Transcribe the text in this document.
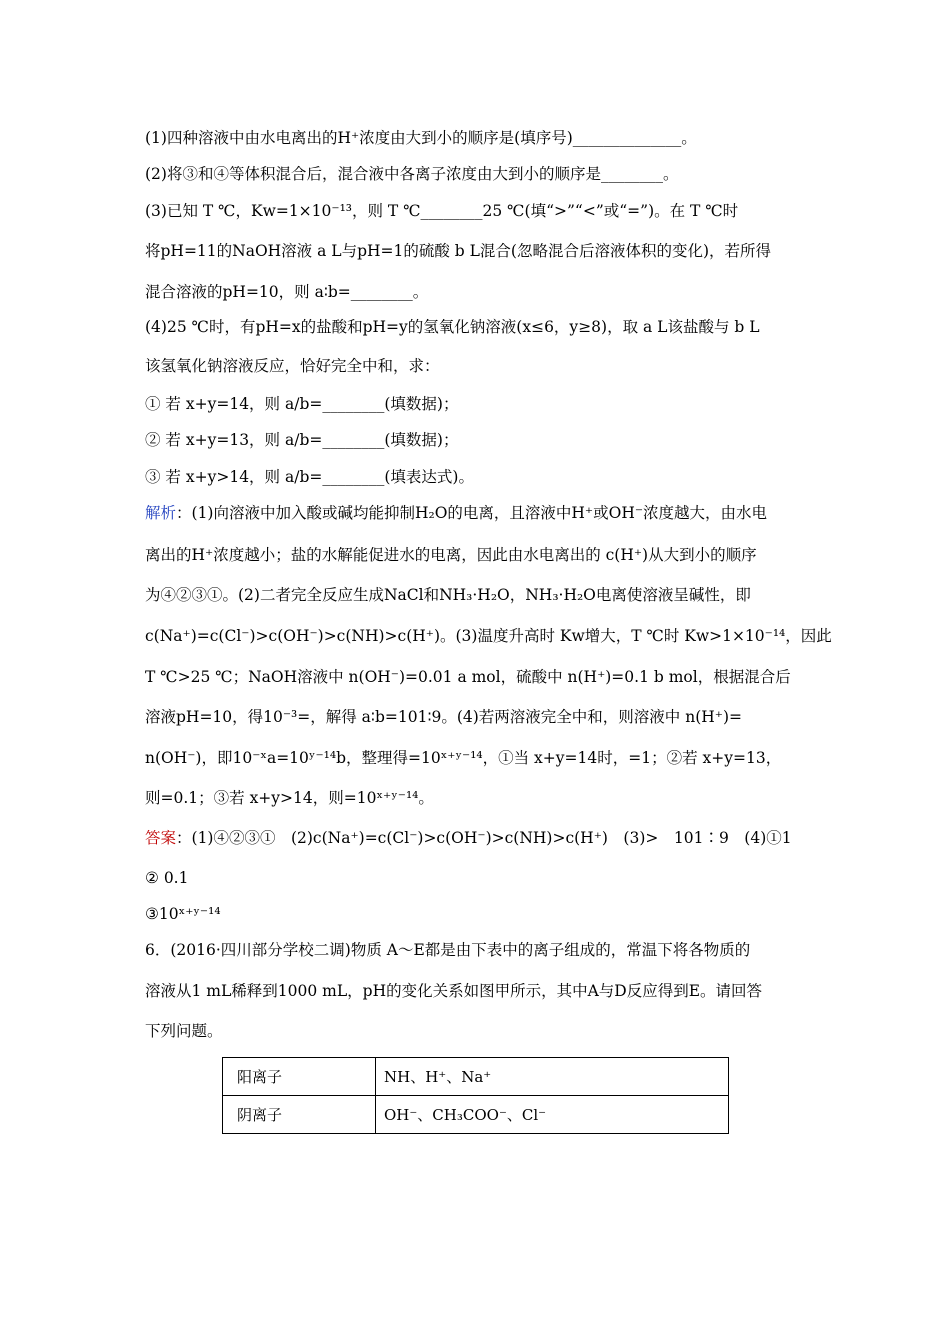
(1)四种溶液中由水电离出的H⁺浓度由大到小的顺序是(填序号)______________。
(2)将③和④等体积混合后，混合液中各离子浓度由大到小的顺序是________。
(3)已知 T ℃，Kw=1×10⁻¹³，则 T ℃________25 ℃(填“>”“<”或“=”)。在 T ℃时
将pH=11的NaOH溶液 a L与pH=1的硫酸 b L混合(忽略混合后溶液体积的变化)，若所得
混合溶液的pH=10，则 a∶b=________。
(4)25 ℃时，有pH=x的盐酸和pH=y的氢氧化钠溶液(x≤6，y≥8)，取 a L该盐酸与 b L
该氢氧化钠溶液反应，恰好完全中和，求：
① 若 x+y=14，则 a/b=________(填数据)；
② 若 x+y=13，则 a/b=________(填数据)；
③ 若 x+y>14，则 a/b=________(填表达式)。
解析：(1)向溶液中加入酸或碱均能抑制H₂O的电离，且溶液中H⁺或OH⁻浓度越大，由水电
离出的H⁺浓度越小；盐的水解能促进水的电离，因此由水电离出的 c(H⁺)从大到小的顺序
为④②③①。(2)二者完全反应生成NaCl和NH₃·H₂O，NH₃·H₂O电离使溶液呈碱性，即
c(Na⁺)=c(Cl⁻)>c(OH⁻)>c(NH)>c(H⁺)。(3)温度升高时 Kw增大，T ℃时 Kw>1×10⁻¹⁴，因此
T ℃>25 ℃；NaOH溶液中 n(OH⁻)=0.01 a mol，硫酸中 n(H⁺)=0.1 b mol，根据混合后
溶液pH=10，得10⁻³=，解得 a∶b=101∶9。(4)若两溶液完全中和，则溶液中 n(H⁺)=
n(OH⁻)，即10⁻ˣa=10ʸ⁻¹⁴b，整理得=10ˣ⁺ʸ⁻¹⁴，①当 x+y=14时，=1；②若 x+y=13，
则=0.1；③若 x+y>14，则=10ˣ⁺ʸ⁻¹⁴。
答案：(1)④②③①　(2)c(Na⁺)=c(Cl⁻)>c(OH⁻)>c(NH)>c(H⁺)　(3)>　101∶9　(4)①1
② 0.1
③10ˣ⁺ʸ⁻¹⁴
6．(2016·四川部分学校二调)物质 A～E都是由下表中的离子组成的，常温下将各物质的
溶液从1 mL稀释到1000 mL，pH的变化关系如图甲所示，其中A与D反应得到E。请回答
下列问题。
阳离子	NH、H⁺、Na⁺
阴离子	OH⁻、CH₃COO⁻、Cl⁻
